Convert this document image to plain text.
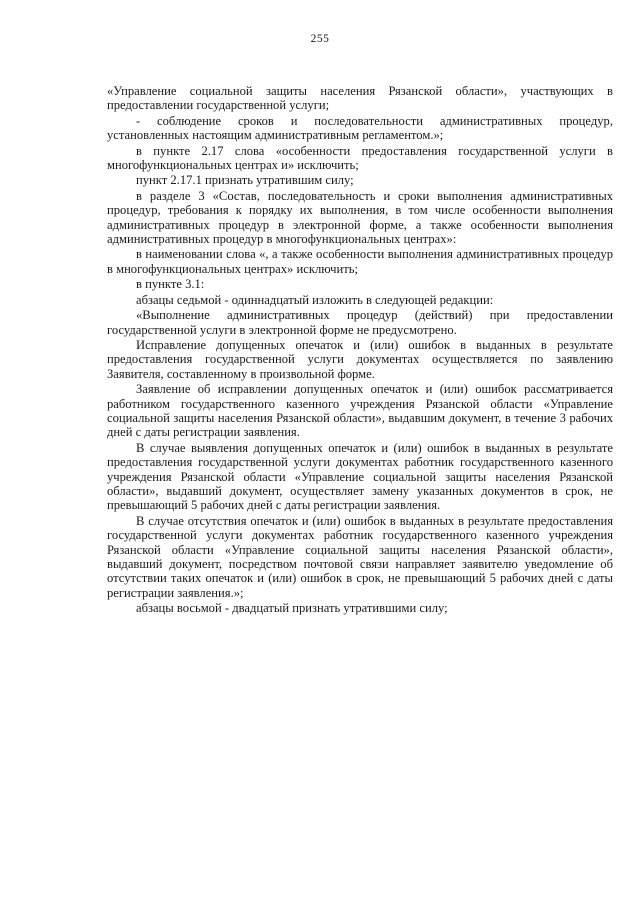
255

«Управление социальной защиты населения Рязанской области», участвующих в предоставлении государственной услуги;

- соблюдение сроков и последовательности административных процедур, установленных настоящим административным регламентом.»;

в пункте 2.17 слова «особенности предоставления государственной услуги в многофункциональных центрах и» исключить;

пункт 2.17.1 признать утратившим силу;

в разделе 3 «Состав, последовательность и сроки выполнения административных процедур, требования к порядку их выполнения, в том числе особенности выполнения административных процедур в электронной форме, а также особенности выполнения административных процедур в многофункциональных центрах»:

в наименовании слова «, а также особенности выполнения административных процедур в многофункциональных центрах» исключить;

в пункте 3.1:

абзацы седьмой - одиннадцатый изложить в следующей редакции:

«Выполнение административных процедур (действий) при предоставлении государственной услуги в электронной форме не предусмотрено.

Исправление допущенных опечаток и (или) ошибок в выданных в результате предоставления государственной услуги документах осуществляется по заявлению Заявителя, составленному в произвольной форме.

Заявление об исправлении допущенных опечаток и (или) ошибок рассматривается работником государственного казенного учреждения Рязанской области «Управление социальной защиты населения Рязанской области», выдавшим документ, в течение 3 рабочих дней с даты регистрации заявления.

В случае выявления допущенных опечаток и (или) ошибок в выданных в результате предоставления государственной услуги документах работник государственного казенного учреждения Рязанской области «Управление социальной защиты населения Рязанской области», выдавший документ, осуществляет замену указанных документов в срок, не превышающий 5 рабочих дней с даты регистрации заявления.

В случае отсутствия опечаток и (или) ошибок в выданных в результате предоставления государственной услуги документах работник государственного казенного учреждения Рязанской области «Управление социальной защиты населения Рязанской области», выдавший документ, посредством почтовой связи направляет заявителю уведомление об отсутствии таких опечаток и (или) ошибок в срок, не превышающий 5 рабочих дней с даты регистрации заявления.»;

абзацы восьмой - двадцатый признать утратившими силу;
